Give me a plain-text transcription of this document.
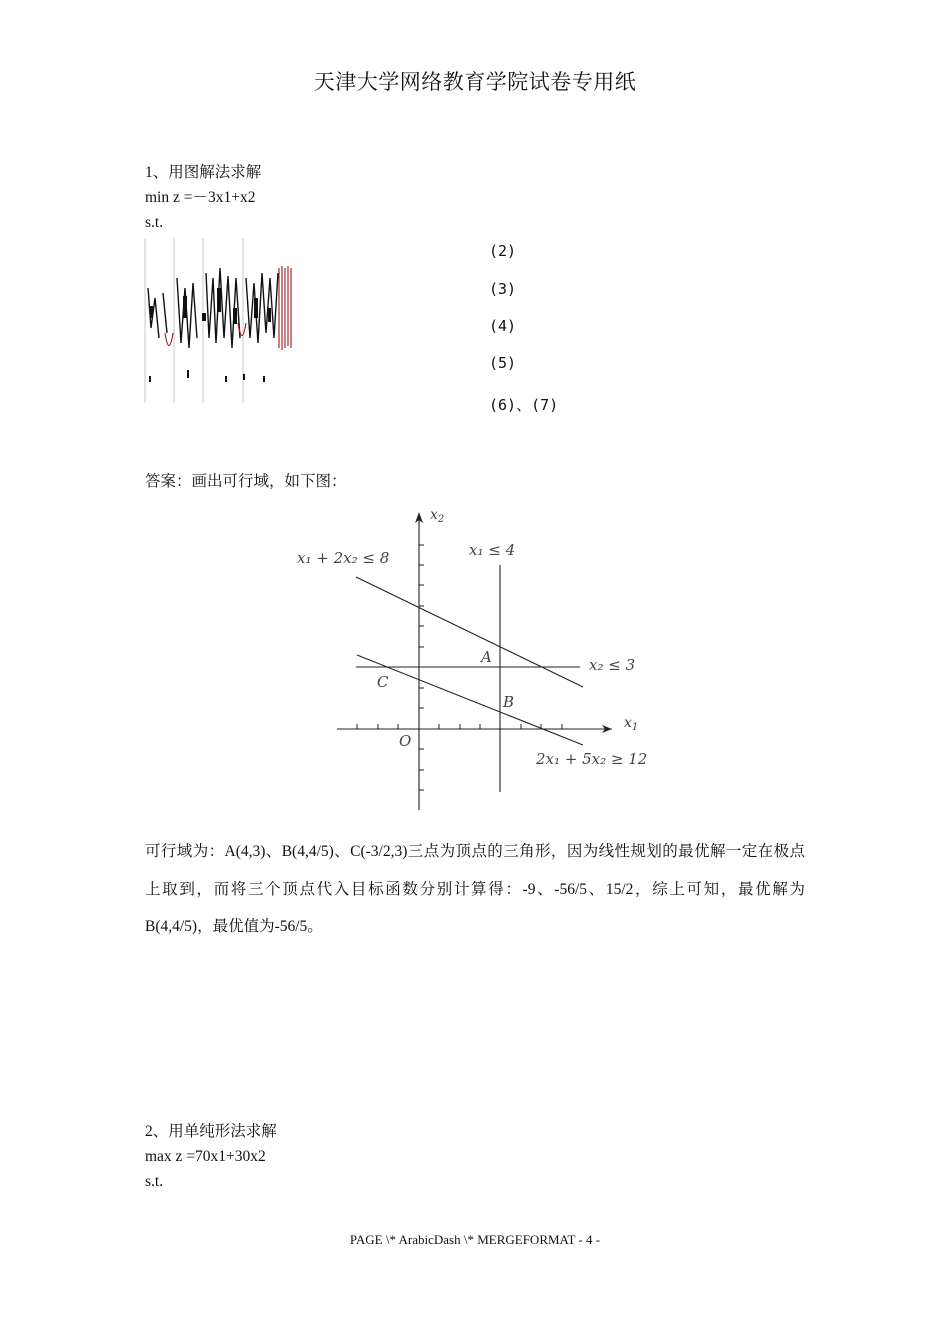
天津大学网络教育学院试卷专用纸
1、用图解法求解
min z =－3x1+x2
s.t.
(2)
(3)
(4)
(5)
(6)、(7)
答案：画出可行域，如下图：
$x_2$
$x_1$
O
A
B
C
x₁ ≤ 4
x₁ + 2x₂ ≤ 8
x₂ ≤ 3
2x₁ + 5x₂ ≥ 12
可行域为：A(4,3)、B(4,4/5)、C(-3/2,3)三点为顶点的三角形，因为线性规划的最优解一定在极点上取到，而将三个顶点代入目标函数分别计算得：-9、-56/5、15/2，综上可知，最优解为B(4,4/5)，最优值为-56/5。
2、用单纯形法求解
max z =70x1+30x2
s.t.
PAGE \* ArabicDash \* MERGEFORMAT - 4 -
